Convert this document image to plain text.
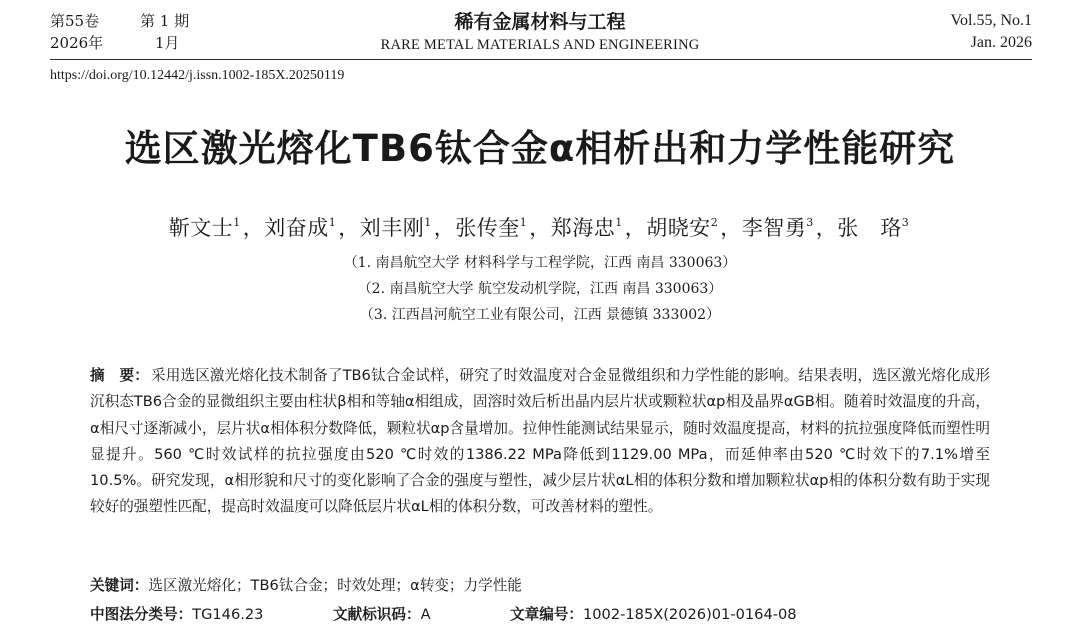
第55卷	第 1 期
2026年	1月
稀有金属材料与工程
RARE METAL MATERIALS AND ENGINEERING
Vol.55, No.1
Jan. 2026
https://doi.org/10.12442/j.issn.1002-185X.20250119
选区激光熔化TB6钛合金α相析出和力学性能研究
靳文士$^1$，刘奋成$^1$，刘丰刚$^1$，张传奎$^1$，郑海忠$^1$，胡晓安$^2$，李智勇$^3$，张　珞$^3$
（1. 南昌航空大学 材料科学与工程学院，江西 南昌 330063）
（2. 南昌航空大学 航空发动机学院，江西 南昌 330063）
（3. 江西昌河航空工业有限公司，江西 景德镇 333002）
摘　要： 采用选区激光熔化技术制备了TB6钛合金试样，研究了时效温度对合金显微组织和力学性能的影响。结果表明，选区激光熔化成形沉积态TB6合金的显微组织主要由柱状β相和等轴α相组成，固溶时效后析出晶内层片状或颗粒状αp相及晶界αGB相。随着时效温度的升高，α相尺寸逐渐减小，层片状α相体积分数降低，颗粒状αp含量增加。拉伸性能测试结果显示，随时效温度提高，材料的抗拉强度降低而塑性明显提升。560 ℃时效试样的抗拉强度由520 ℃时效的1386.22 MPa降低到1129.00 MPa，而延伸率由520 ℃时效下的7.1%增至10.5%。研究发现，α相形貌和尺寸的变化影响了合金的强度与塑性，减少层片状αL相的体积分数和增加颗粒状αp相的体积分数有助于实现较好的强塑性匹配，提高时效温度可以降低层片状αL相的体积分数，可改善材料的塑性。
关键词：选区激光熔化；TB6钛合金；时效处理；α转变；力学性能
中图法分类号：TG146.23	文献标识码：A	文章编号：1002-185X(2026)01-0164-08
